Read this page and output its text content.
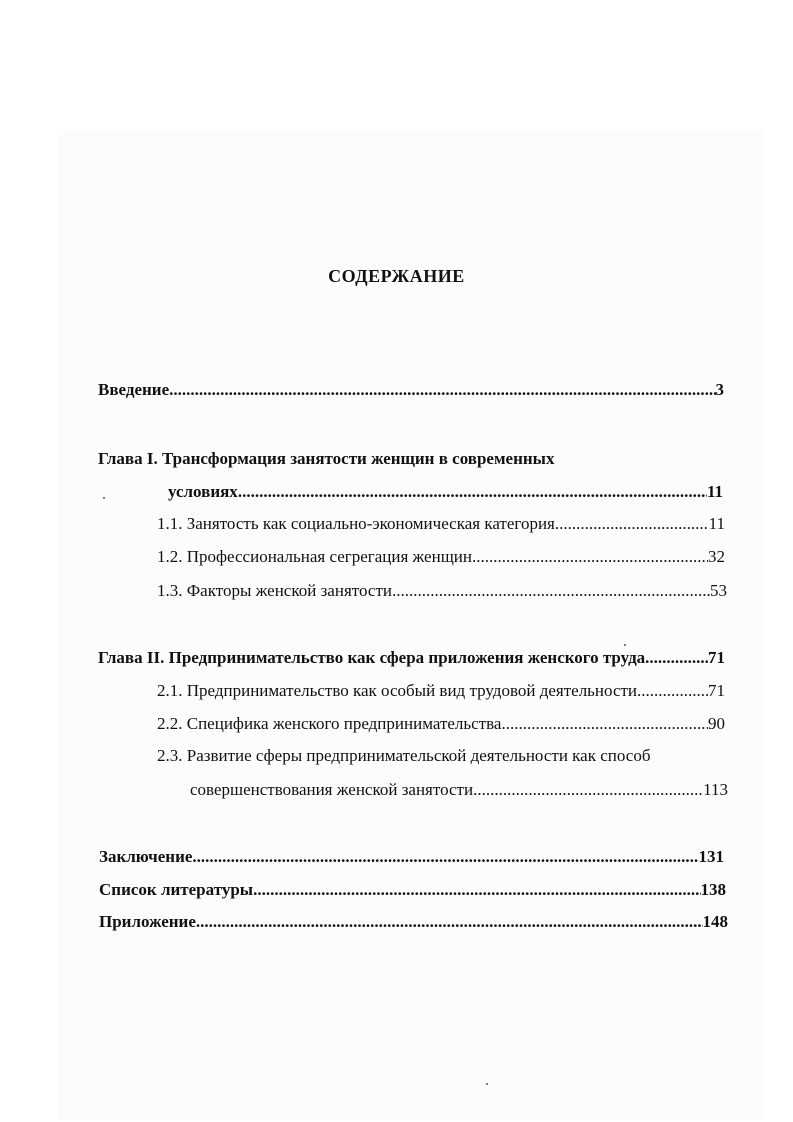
СОДЕРЖАНИЕ
Введение .....	3
Глава I. Трансформация занятости женщин в современных
условиях .....	11
1.1. Занятость как социально-экономическая категория .....	11
1.2. Профессиональная сегрегация женщин .....	32
1.3. Факторы женской занятости .....	53
Глава II. Предпринимательство как сфера приложения женского труда .....	71
2.1. Предпринимательство как особый вид трудовой деятельности .....	71
2.2. Специфика женского предпринимательства .....	90
2.3. Развитие сферы предпринимательской деятельности как способ
совершенствования женской занятости .....	113
Заключение .....	131
Список литературы .....	138
Приложение .....	148
